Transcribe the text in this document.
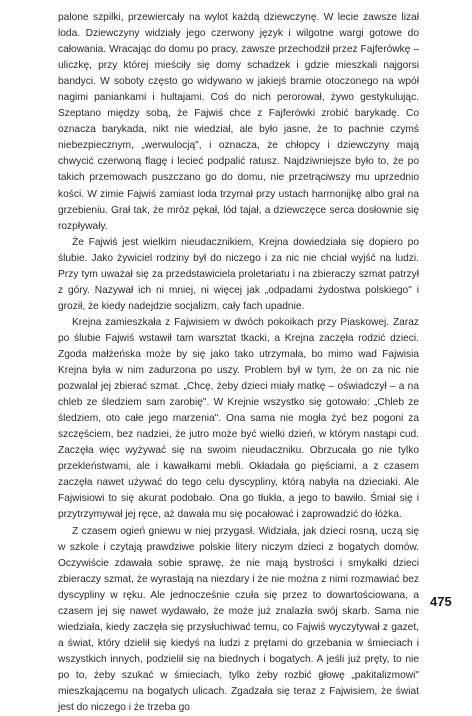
palone szpilki, przewiercały na wylot każdą dziewczynę. W lecie zawsze lizał loda. Dziewczyny widziały jego czerwony język i wilgotne wargi gotowe do całowania. Wracając do domu po pracy, zawsze przechodził przez Fajferówkę – uliczkę, przy której mieściły się domy schadzek i gdzie mieszkali najgorsi bandyci. W soboty często go widywano w jakiejś bramie otoczonego na wpół nagimi paniankami i hultajami. Coś do nich perorował, żywo gestykulując. Szeptano między sobą, że Fajwiś chce z Fajferówki zrobić barykadę. Co oznacza barykada, nikt nie wiedział, ale było jasne, że to pachnie czymś niebezpiecznym, „werwulocją", i oznacza, że chłopcy i dziewczyny mają chwycić czerwoną flagę i lecieć podpalić ratusz. Najdziwniejsze było to, że po takich przemowach puszczano go do domu, nie przetrąciwszy mu uprzednio kości. W zimie Fajwiś zamiast loda trzymał przy ustach harmonijkę albo grał na grzebieniu. Grał tak, że mróz pękał, lód tajał, a dziewczęce serca dosłownie się rozpływały.

Że Fajwiś jest wielkim nieudacznikiem, Krejna dowiedziała się dopiero po ślubie. Jako żywiciel rodziny był do niczego i za nic nie chciał wyjść na ludzi. Przy tym uważał się za przedstawiciela proletariatu i na zbieraczy szmat patrzył z góry. Nazywał ich ni mniej, ni więcej jak „odpadami żydostwa polskiego" i groził, że kiedy nadejdzie socjalizm, cały fach upadnie.

Krejna zamieszkała z Fajwisiem w dwóch pokoikach przy Piaskowej. Zaraz po ślubie Fajwiś wstawił tam warsztat tkacki, a Krejna zaczęła rodzić dzieci. Zgoda małżeńska może by się jako tako utrzymała, bo mimo wad Fajwisia Krejna była w nim zadurzona po uszy. Problem był w tym, że on za nic nie pozwalał jej zbierać szmat. „Chcę, żeby dzieci miały matkę – oświadczył – a na chleb ze śledziem sam zarobię". W Krejnie wszystko się gotowało: „Chleb ze śledziem, oto całe jego marzenia". Ona sama nie mogła żyć bez pogoni za szczęściem, bez nadziei, że jutro może być wielki dzień, w którym nastąpi cud. Zaczęła więc wyżywać się na swoim nieudaczniku. Obrzucała go nie tylko przekleństwami, ale i kawałkami mebli. Okładała go pięściami, a z czasem zaczęła nawet używać do tego celu dyscypliny, którą nabyła na dzieciaki. Ale Fajwisiowi to się akurat podobało. Ona go tłukła, a jego to bawiło. Śmiał się i przytrzymywał jej ręce, aż dawała mu się pocałować i zaprowadzić do łóżka.

Z czasem ogień gniewu w niej przygasł. Widziała, jak dzieci rosną, uczą się w szkole i czytają prawdziwe polskie litery niczym dzieci z bogatych domów. Oczywiście zdawała sobie sprawę, że nie mają bystrości i smykałki dzieci zbieraczy szmat, że wyrastają na niezdary i że nie można z nimi rozmawiać bez dyscypliny w ręku. Ale jednocześnie czuła się przez to dowartościowana, a czasem jej się nawet wydawało, że może już znalazła swój skarb. Sama nie wiedziała, kiedy zaczęła się przysłuchiwać temu, co Fajwiś wyczytywał z gazet, a świat, który dzielił się kiedyś na ludzi z prętami do grzebania w śmieciach i wszystkich innych, podzielił się na biednych i bogatych. A jeśli już pręty, to nie po to, żeby szukać w śmieciach, tylko żeby rozbić głowę „pakitalizmowi" mieszkającemu na bogatych ulicach. Zgadzała się teraz z Fajwisiem, że świat jest do niczego i że trzeba go

475
